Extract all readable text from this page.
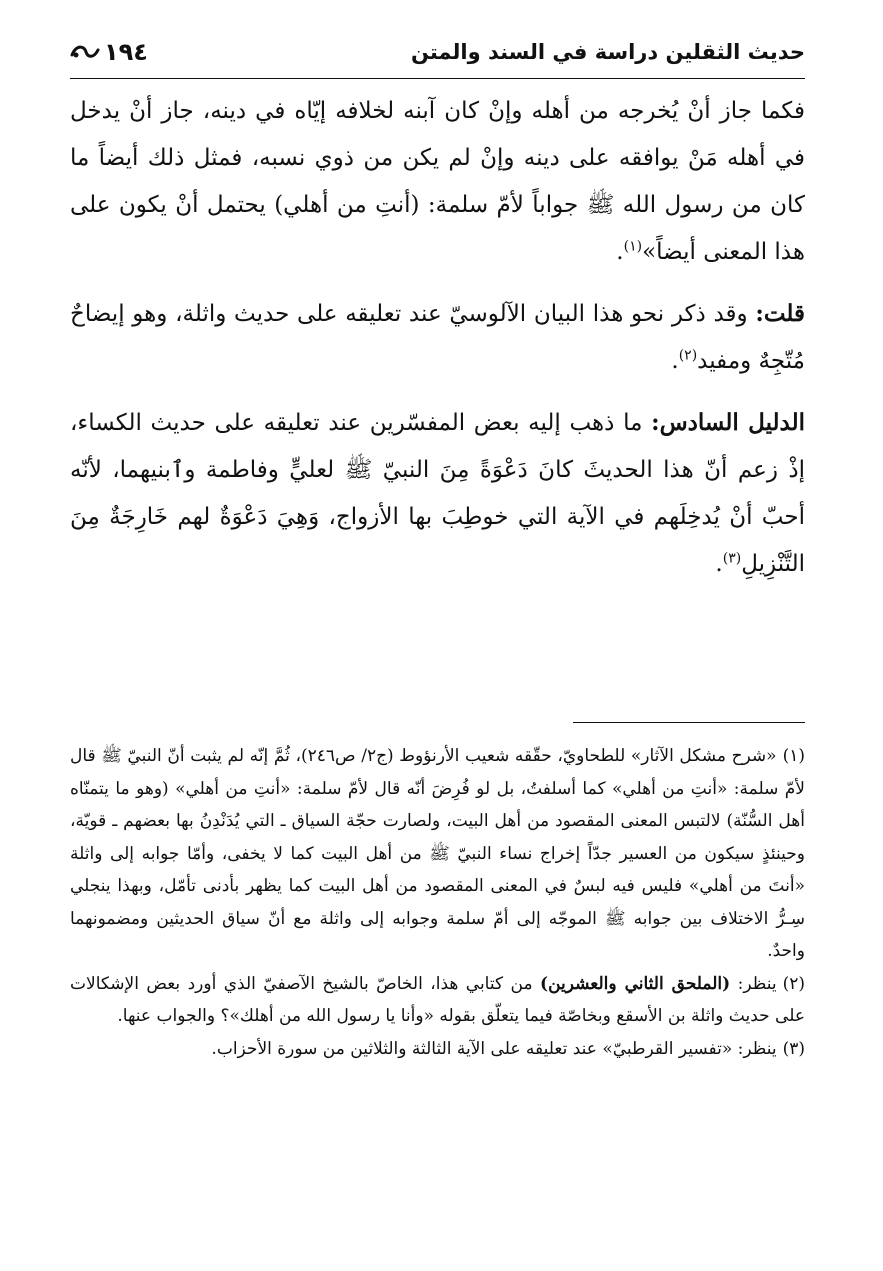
حديث الثقلين دراسة في السند والمتن
١٩٤

فكما جاز أنْ يُخرجه من أهله وإنْ كان آبنه لخلافه إيّاه في دينه، جاز أنْ يدخل في أهله مَنْ يوافقه على دينه وإنْ لم يكن من ذوي نسبه، فمثل ذلك أيضاً ما كان من رسول الله ﷺ جواباً لأمّ سلمة: (أنتِ من أهلي) يحتمل أنْ يكون على هذا المعنى أيضاً»$^{(١)}$.

قلت: وقد ذكر نحو هذا البيان الآلوسيّ عند تعليقه على حديث واثلة، وهو إيضاحٌ مُتّجِهٌ ومفيد$^{(٢)}$.

الدليل السادس: ما ذهب إليه بعض المفسّرين عند تعليقه على حديث الكساء، إذْ زعم أنّ هذا الحديثَ كانَ دَعْوَةً مِنَ النبيّ ﷺ لعليٍّ وفاطمة وٱبنيهما، لأنّه أحبّ أنْ يُدخِلَهم في الآية التي خوطِبَ بها الأزواج، وَهِيَ دَعْوَةٌ لهم خَارِجَةٌ مِنَ التَّنْزِيلِ$^{(٣)}$.

(١)«شرح مشكل الآثار» للطحاويّ، حقّقه شعيب الأرنؤوط (ج٢/ ص٢٤٦)، ثُمَّ إنّه لم يثبت أنّ النبيّ ﷺ قال لأمّ سلمة: «أنتِ من أهلي» كما أسلفتُ، بل لو فُرِضَ أنّه قال لأمّ سلمة: «أنتِ من أهلي» (وهو ما يتمنّاه أهل السُّنّة) لالتبس المعنى المقصود من أهل البيت، ولصارت حجّة السياق ـ التي يُدَنْدِنُ بها بعضهم ـ قويّة، وحينئذٍ سيكون من العسير جدّاً إخراج نساء النبيّ ﷺ من أهل البيت كما لا يخفى، وأمّا جوابه إلى واثلة «أنتَ من أهلي» فليس فيه لبسٌ في المعنى المقصود من أهل البيت كما يظهر بأدنى تأمّل، وبهذا ينجلي سِـرُّ الاختلاف بين جوابه ﷺ الموجّه إلى أمّ سلمة وجوابه إلى واثلة مع أنّ سياق الحديثين ومضمونهما واحدٌ.

(٢)ينظر: (الملحق الثاني والعشرين) من كتابي هذا، الخاصّ بالشيخ الآصفيّ الذي أورد بعض الإشكالات على حديث واثلة بن الأسقع وبخاصّة فيما يتعلّق بقوله «وأنا يا رسول الله من أهلك»؟ والجواب عنها.

(٣)ينظر: «تفسير القرطبيّ» عند تعليقه على الآية الثالثة والثلاثين من سورة الأحزاب.
